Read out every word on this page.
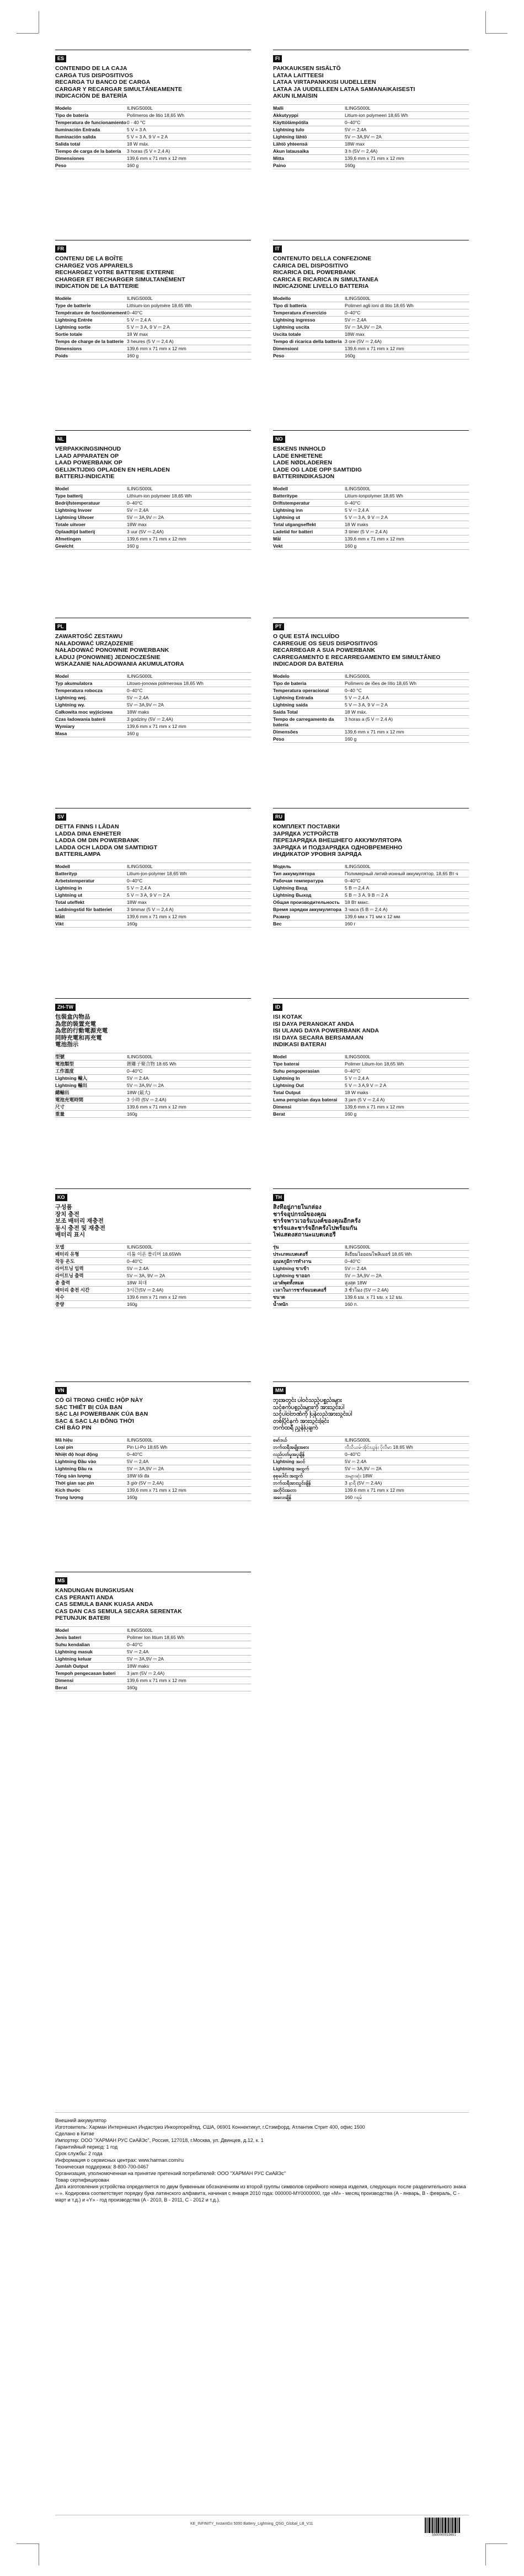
ES
CONTENIDO DE LA CAJA
CARGA TUS DISPOSITIVOS
RECARGA TU BANCO DE CARGA
CARGAR Y RECARGAR SIMULTÁNEAMENTE
INDICACIÓN DE BATERÍA
Modelo	ILINGS000L
Tipo de batería	Polímeros de litio 18,65 Wh
Temperatura de funcionamiento 0 - 40 °C
Iluminación Entrada	5 V = 3 A
Iluminación salida	5 V = 3 A, 9 V = 2 A
Salida total	18 W máx.
Tiempo de carga de la batería	3 horas (5 V = 2,4 A)
Dimensiones	139,6 mm x 71 mm x 12 mm
Peso	160 g
FI
PAKKAUKSEN SISÄLTÖ
LATAA LAITTEESI
LATAA VIRTAPANKKISI UUDELLEEN
LATAA JA UUDELLEEN LATAA SAMANAIKAISESTI
AKUN ILMAISIN
Malli	ILINGS000L
Akkutyyppi	Litium-ion polymeeri 18,65 Wh
Käyttölämpötila	0–40°C
Lightning tulo	5V ⎓ 2,4A
Lightning lähtö	5V ⎓ 3A,9V ⎓ 2A
Lähtö yhteensä	18W max
Akun latausaika	3 h (5V ⎓ 2,4A)
Mitta	139,6 mm x 71 mm x 12 mm
Paino	160g
FR
CONTENU DE LA BOÎTE
CHARGEZ VOS APPAREILS
RECHARGEZ VOTRE BATTERIE EXTERNE
CHARGER ET RECHARGER SIMULTANÉMENT
INDICATION DE LA BATTERIE
Modèle	ILINGS000L
Type de batterie	Lithium-ion polymère 18,65 Wh
Température de fonctionnement 0–40°C
Lightning Entrée	5 V ⎓ 2,4 A
Lightning sortie	5 V ⎓ 3 A, 9 V ⎓ 2 A
Sortie totale	18 W max
Temps de charge de la batterie 3 heures (5 V ⎓ 2,4 A)
Dimensions	139,6 mm x 71 mm x 12 mm
Poids	160 g
IT
CONTENUTO DELLA CONFEZIONE
CARICA DEL DISPOSITIVO
RICARICA DEL POWERBANK
CARICA E RICARICA IN SIMULTANEA
INDICAZIONE LIVELLO BATTERIA
Modello	ILINGS000L
Tipo di batteria	Polimeri agli ioni di litio 18,65 Wh
Temperatura d'esercizio	0–40°C
Lightning ingresso	5V ⎓ 2,4A
Lightning uscita	5V ⎓ 3A,9V ⎓ 2A
Uscita totale	18W max
Tempo di ricarica della batteria 3 ore (5V ⎓ 2,4A)
Dimensioni	139,6 mm x 71 mm x 12 mm
Peso	160g
NL
VERPAKKINGSINHOUD
LAAD APPARATEN OP
LAAD POWERBANK OP
GELIJKTIJDIG OPLADEN EN HERLADEN
BATTERIJ-INDICATIE
Model	ILINGS000L
Type batterij	Lithium-ion polymeer 18,65 Wh
Bedrijfstemperatuur	0–40°C
Lightning Invoer	5V ⎓ 2,4A
Lightning Uitvoer	5V ⎓ 3A,9V ⎓ 2A
Totale uitvoer	18W max
Oplaadtijd batterij	3 uur (5V ⎓ 2,4A)
Afmetingen	139,6 mm x 71 mm x 12 mm
Gewicht	160 g
NO
ESKENS INNHOLD
LADE ENHETENE
LADE NØDLADEREN
LADE OG LADE OPP SAMTIDIG
BATTERIINDIKASJON
Modell	ILINGS000L
Batteritype	Litium-ionpolymer 18,65 Wh
Driftstemperatur	0–40°C
Lightning inn	5 V ⎓ 2,4 A
Lightning ut	5 V ⎓ 3 A, 9 V ⎓ 2 A
Total utgangseffekt	18 W maks
Ladetid for batteri	3 timer (5 V ⎓ 2,4 A)
Mål	139,6 mm x 71 mm x 12 mm
Vekt	160 g
PL
ZAWARTOŚĆ ZESTAWU
NAŁADOWAĆ URZĄDZENIE
NAŁADOWAĆ PONOWNIE POWERBANK
ŁADUJ (PONOWNIE) JEDNOCZEŚNIE
WSKAZANIE NAŁADOWANIA AKUMULATORA
Model	ILINGS000L
Typ akumulatora	Litowo-jonowa polimerowa 18,65 Wh
Temperatura robocza	0–40°C
Lightning wej.	5V ⎓ 2,4A
Lightning wy.	5V ⎓ 3A,9V ⎓ 2A
Całkowita moc wyjściowa	18W maks
Czas ładowania baterii	3 godziny (5V ⎓ 2,4A)
Wymiary	139,6 mm x 71 mm x 12 mm
Masa	160 g
PT
O QUE ESTÁ INCLUÍDO
CARREGUE OS SEUS DISPOSITIVOS
RECARREGAR A SUA POWERBANK
CARREGAMENTO E RECARREGAMENTO EM SIMULTÂNEO
INDICADOR DA BATERIA
Modelo	ILINGS000L
Tipo de bateria	Polímero de iões de lítio 18,65 Wh
Temperatura operacional	0–40 °C
Lightning Entrada	5 V ⎓ 2,4 A
Lightning saída	5 V ⎓ 3 A, 9 V ⎓ 2 A
Saída Total	18 W máx.
Tempo de carregamento da bateria
3 horas a (5 V ⎓ 2,4 A)
Dimensões	139,6 mm x 71 mm x 12 mm
Peso	160 g
SV
DETTA FINNS I LÅDAN
LADDA DINA ENHETER
LADDA OM DIN POWERBANK
LADDA OCH LADDA OM SAMTIDIGT
BATTERILAMPA
Modell	ILINGS000L
Batterityp	Litium-jon-polymer 18,65 Wh
Arbetstemperatur	0–40°C
Lightning in	5 V ⎓ 2,4 A
Lightning ut	5 V ⎓ 3 A, 9 V ⎓ 2 A
Total uteffekt	18W max
Laddningstid för batteriet	3 timmar (5 V ⎓ 2,4 A)
Mått	139,6 mm x 71 mm x 12 mm
Vikt	160g
RU
КОМПЛЕКТ ПОСТАВКИ
ЗАРЯДКА УСТРОЙСТВ
ПЕРЕЗАРЯДКА ВНЕШНЕГО АККУМУЛЯТОРА
ЗАРЯДКА И ПОДЗАРЯДКА ОДНОВРЕМЕННО
ИНДИКАТОР УРОВНЯ ЗАРЯДА
Модель	ILINGS000L
Тип аккумулятора	Полимерный литий-ионный аккумулятор, 18,65 Вт·ч
Рабочая температура	0–40°C
Lightning Вход	5 В ⎓ 2,4 А
Lightning Выход	5 В ⎓ 3 А, 9 В ⎓ 2 А
Общая производительность	18 Вт макс.
Время зарядки аккумулятора 3 часа (5 В ⎓ 2,4 А)
Размер	139,6 мм x 71 мм x 12 мм
Вес	160 г
ZH-TW
包裝盒內物品
為您的裝置充電
為您的行動電源充電
同時充電和再充電
電池指示
型號	ILINGS000L
電池類型	鋰離子聚合物 18.65 Wh
工作溫度	0–40°C
Lightning 輸入	5V ⎓ 2.4A
Lightning 輸出	5V ⎓ 3A,9V ⎓ 2A
總輸出	18W (最大)
電池充電時間	3 小時 (5V ⎓ 2.4A)
尺寸	139.6 mm x 71 mm x 12 mm
重量	160g
ID
ISI KOTAK
ISI DAYA PERANGKAT ANDA
ISI ULANG DAYA POWERBANK ANDA
ISI DAYA SECARA BERSAMAAN
INDIKASI BATERAI
Model	ILINGS000L
Tipe baterai	Polimer Litium-Ion 18,65 Wh
Suhu pengoperasian	0–40°C
Lightning In	5 V ⎓ 2,4 A
Lightning Out	5 V ⎓ 3 A,9 V ⎓ 2 A
Total Output	18 W maks
Lama pengisian daya baterai	3 jam (5 V ⎓ 2,4 A)
Dimensi	139,6 mm x 71 mm x 12 mm
Berat	160 g
KO
구성품
장치 충전
보조 배터리 재충전
동시 충전 및 재충전
배터리 표시
모델	ILINGS000L
배터리 유형	리튬 이온 폴리머 18.65Wh
작동 온도	0–40°C
라이트닝 입력	5V ⎓ 2.4A
라이트닝 출력	5V ⎓ 3A, 9V ⎓ 2A
총 출력	18W 최대
배터리 충전 시간	3시간(5V ⎓ 2.4A)
치수	139.6 mm x 71 mm x 12 mm
중량	160g
TH
สิ่งที่อยู่ภายในกล่อง
ชาร์จอุปกรณ์ของคุณ
ชาร์จพาวเวอร์แบงค์ของคุณอีกครั้ง
ชาร์จและชาร์จอีกครั้งไปพร้อมกัน
ไฟแสดงสถานะแบตเตอรี่
รุ่น	ILINGS000L
ประเภทแบตเตอรี่	ลิเธียมไอออนโพลิเมอร์ 18.65 Wh
อุณหภูมิการทำงาน	0–40°C
Lightning ขาเข้า	5V ⎓ 2.4A
Lightning ขาออก	5V ⎓ 3A,9V ⎓ 2A
เอาต์พุตทั้งหมด	สูงสุด 18W
เวลาในการชาร์จแบตเตอรี่	3 ชั่วโมง (5V ⎓ 2.4A)
ขนาด	139.6 มม. x 71 มม. x 12 มม.
น้ำหนัก	160 ก.
VN
CÓ GÌ TRONG CHIẾC HỘP NÀY
SẠC THIẾT BỊ CỦA BẠN
SẠC LẠI POWERBANK CỦA BẠN
SẠC & SẠC LẠI ĐỒNG THỜI
CHỈ BÁO PIN
Mã hiệu	ILINGS000L
Loại pin	Pin Li-Po 18,65 Wh
Nhiệt độ hoạt động	0–40°C
Lightning Đầu vào	5V ⎓ 2,4A
Lightning Đầu ra	5V ⎓ 3A,9V ⎓ 2A
Tổng sản lượng	18W tối đa
Thời gian sạc pin	3 giờ (5V ⎓ 2,4A)
Kích thước	139,6 mm x 71 mm x 12 mm
Trọng lượng	160g
MM
ဘူးအတွင်း ပါဝင်သည့်ပစ္စည်းများ
သင့်စက်ပစ္စည်းများကို အားသွင်းပါ
သင့်ပါဝါဘဏ်ကို ပြန်လည်အားသွင်းပါ
တစ်ပြိုင်နက် အားသွင်းခြင်း
ဘက်ထရီ ညွှန်ပြချက်
မော်ဒယ်	ILINGS000L
ဘက်ထရီအမျိုးအစား	လီသီယမ်-အိုင်းယွန်း ပိုလီမာ 18.65 Wh
လည်ပတ်မှုအပူချိန်	0–40°C
Lightning အဝင်	5V ⎓ 2.4A
Lightning အထွက်	5V ⎓ 3A,9V ⎓ 2A
စုစုပေါင်း အထွက်	အများဆုံး 18W
ဘက်ထရီအားသွင်းချိန်	3 နာရီ (5V ⎓ 2.4A)
အတိုင်းအတာ	139.6 mm x 71 mm x 12 mm
အလေးချိန်	160 ဂရမ်
MS
KANDUNGAN BUNGKUSAN
CAS PERANTI ANDA
CAS SEMULA BANK KUASA ANDA
CAS DAN CAS SEMULA SECARA SERENTAK
PETUNJUK BATERI
Model	ILINGS000L
Jenis bateri	Polimer Ion litium 18,65 Wh
Suhu kendalian	0–40°C
Lightning masuk	5V ⎓ 2,4A
Lightning keluar	5V ⎓ 3A,9V ⎓ 2A
Jumlah Output	18W maks
Tempoh pengecasan bateri	3 jam (5V ⎓ 2,4A)
Dimensi	139,6 mm x 71 mm x 12 mm
Berat	160g

Внешний аккумулятор

Изготовитель: Харман Интернешнл Индастриз Инкорпорейтед, США, 06901 Коннектикут, г.Стэмфорд, Атлантик Стрит 400, офис 1500

Сделано в Китае

Импортер: ООО "ХАРМАН РУС СиАйЭс", Россия, 127018, г.Москва, ул. Двинцев, д.12, к. 1

Гарантийный период: 1 год

Срок службы: 2 года

Информация о сервисных центрах: www.harman.com/ru

Техническая поддержка: 8-800-700-0467

Организация, уполномоченная на принятие претензий потребителей: ООО "ХАРМАН РУС СиАйЭс"

Товар сертифицирован

Дата изготовления устройства определяется по двум буквенным обозначениям из второй группы символов серийного номера изделия, следующих после разделительного знака «-». Кодировка соответствует порядку букв латинского алфавита, начиная с января 2010 года: 000000-MY0000000, где «M» - месяц производства (А - январь, B - февраль, C - март и т.д.) и «Y» - год производства (A - 2010, B - 2011, C - 2012 и т.д.).

KE_INFINITY_InstantGo 5000 Battery_Lightning_QSG_Global_LB_V11
5500000015651
